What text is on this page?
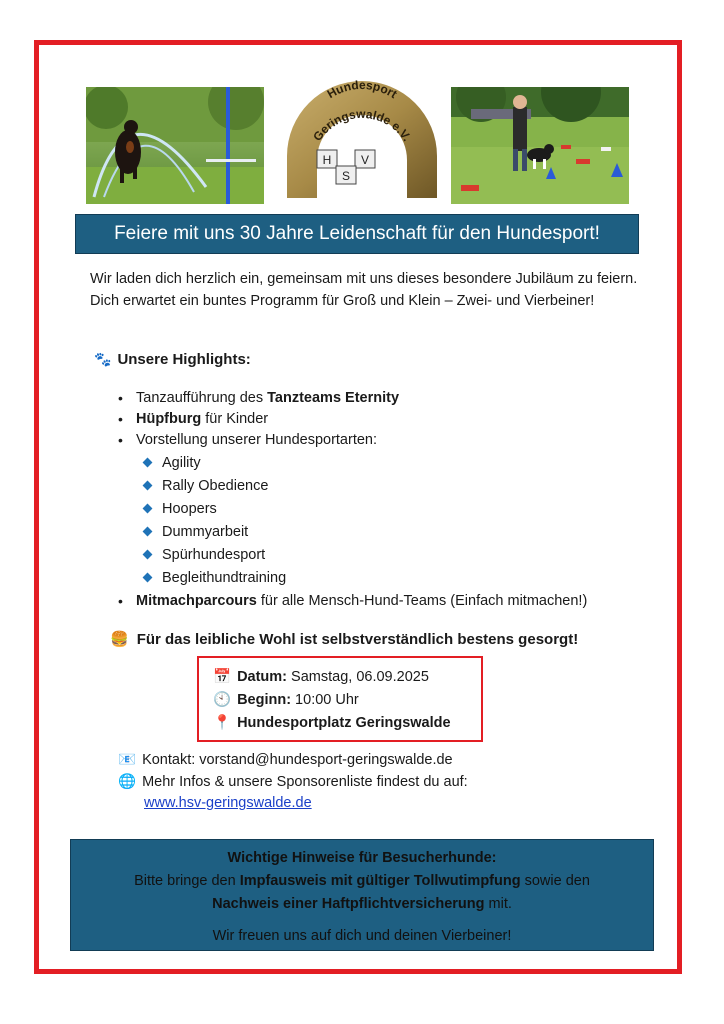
Hundesport
Geringswalde e.V.
H
S
V
Feiere mit uns 30 Jahre Leidenschaft für den Hundesport!
Wir laden dich herzlich ein, gemeinsam mit uns dieses besondere Jubiläum zu feiern. Dich erwartet ein buntes Programm für Groß und Klein – Zwei- und Vierbeiner!
🐾 Unsere Highlights:
• Tanzaufführung des Tanzteams Eternity
• Hüpfburg für Kinder
• Vorstellung unserer Hundesportarten:
Agility
Rally Obedience
Hoopers
Dummyarbeit
Spürhundesport
Begleithundtraining
• Mitmachparcours für alle Mensch-Hund-Teams (Einfach mitmachen!)
🍔 Für das leibliche Wohl ist selbstverständlich bestens gesorgt!
📅 Datum: Samstag, 06.09.2025
🕙 Beginn: 10:00 Uhr
📍 Hundesportplatz Geringswalde
📧 Kontakt: vorstand@hundesport-geringswalde.de
🌐 Mehr Infos & unsere Sponsorenliste findest du auf:
www.hsv-geringswalde.de
Wichtige Hinweise für Besucherhunde:
Bitte bringe den Impfausweis mit gültiger Tollwutimpfung sowie den
Nachweis einer Haftpflichtversicherung mit.
Wir freuen uns auf dich und deinen Vierbeiner!
